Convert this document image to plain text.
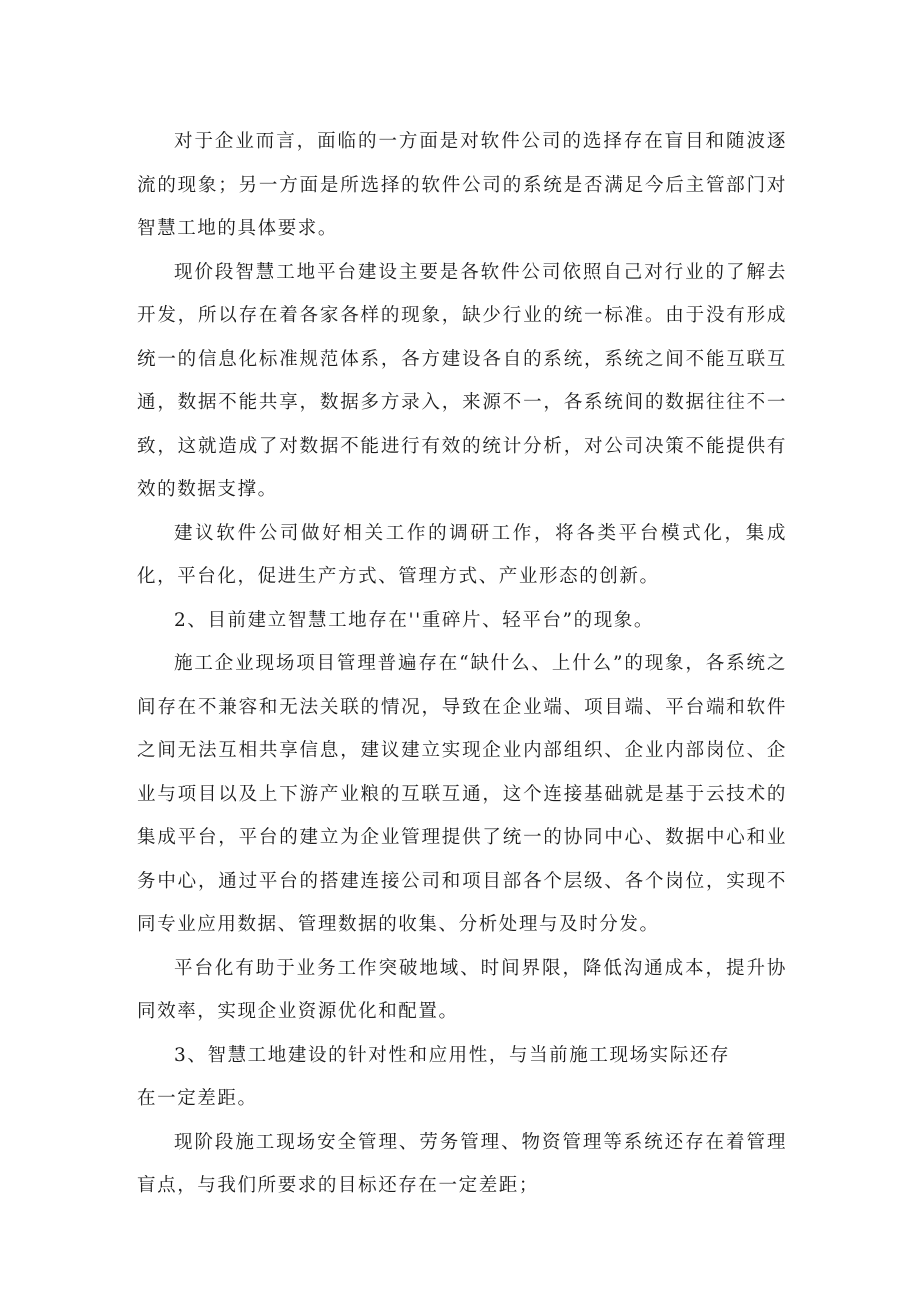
对于企业而言，面临的一方面是对软件公司的选择存在盲目和随波逐流的现象；另一方面是所选择的软件公司的系统是否满足今后主管部门对智慧工地的具体要求。

现价段智慧工地平台建设主要是各软件公司依照自己对行业的了解去开发，所以存在着各家各样的现象，缺少行业的统一标准。由于没有形成统一的信息化标准规范体系，各方建设各自的系统，系统之间不能互联互通，数据不能共享，数据多方录入，来源不一，各系统间的数据往往不一致，这就造成了对数据不能进行有效的统计分析，对公司决策不能提供有效的数据支撑。

建议软件公司做好相关工作的调研工作，将各类平台模式化，集成化，平台化，促进生产方式、管理方式、产业形态的创新。

2、目前建立智慧工地存在''重碎片、轻平台”的现象。

施工企业现场项目管理普遍存在“缺什么、上什么”的现象，各系统之间存在不兼容和无法关联的情况，导致在企业端、项目端、平台端和软件之间无法互相共享信息，建议建立实现企业内部组织、企业内部岗位、企业与项目以及上下游产业粮的互联互通，这个连接基础就是基于云技术的集成平台，平台的建立为企业管理提供了统一的协同中心、数据中心和业务中心，通过平台的搭建连接公司和项目部各个层级、各个岗位，实现不同专业应用数据、管理数据的收集、分析处理与及时分发。

平台化有助于业务工作突破地域、时间界限，降低沟通成本，提升协同效率，实现企业资源优化和配置。

3、智慧工地建设的针对性和应用性，与当前施工现场实际还存

在一定差距。

现阶段施工现场安全管理、劳务管理、物资管理等系统还存在着管理盲点，与我们所要求的目标还存在一定差距；
